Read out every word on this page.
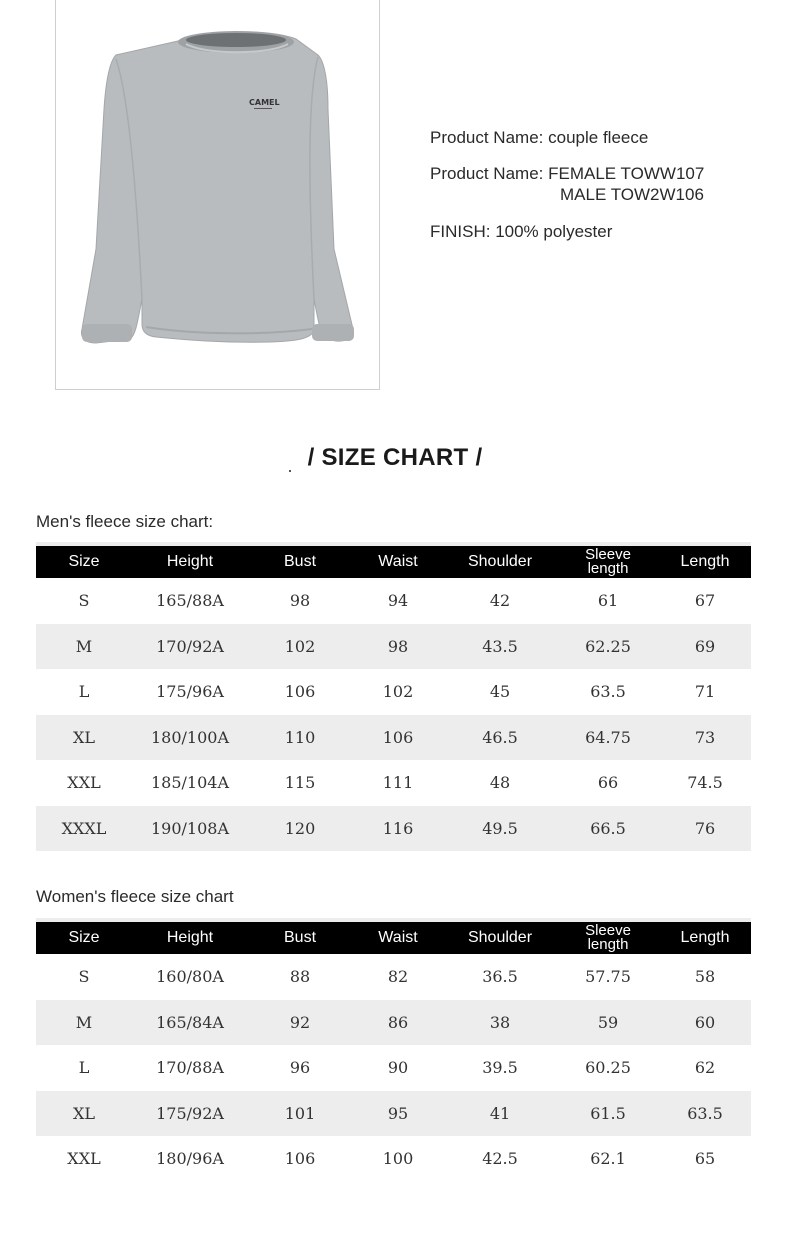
CAMEL
Product Name: couple fleece
Product Name: FEMALE TOWW107
MALE TOW2W106
FINISH: 100% polyester
/ SIZE CHART /
Men's fleece size chart:
Size	Height	Bust	Waist	Shoulder	Sleeve length	Length
S	165/88A	98	94	42	61	67
M	170/92A	102	98	43.5	62.25	69
L	175/96A	106	102	45	63.5	71
XL	180/100A	110	106	46.5	64.75	73
XXL	185/104A	115	111	48	66	74.5
XXXL	190/108A	120	116	49.5	66.5	76
Women's fleece size chart
Size	Height	Bust	Waist	Shoulder	Sleeve length	Length
S	160/80A	88	82	36.5	57.75	58
M	165/84A	92	86	38	59	60
L	170/88A	96	90	39.5	60.25	62
XL	175/92A	101	95	41	61.5	63.5
XXL	180/96A	106	100	42.5	62.1	65
